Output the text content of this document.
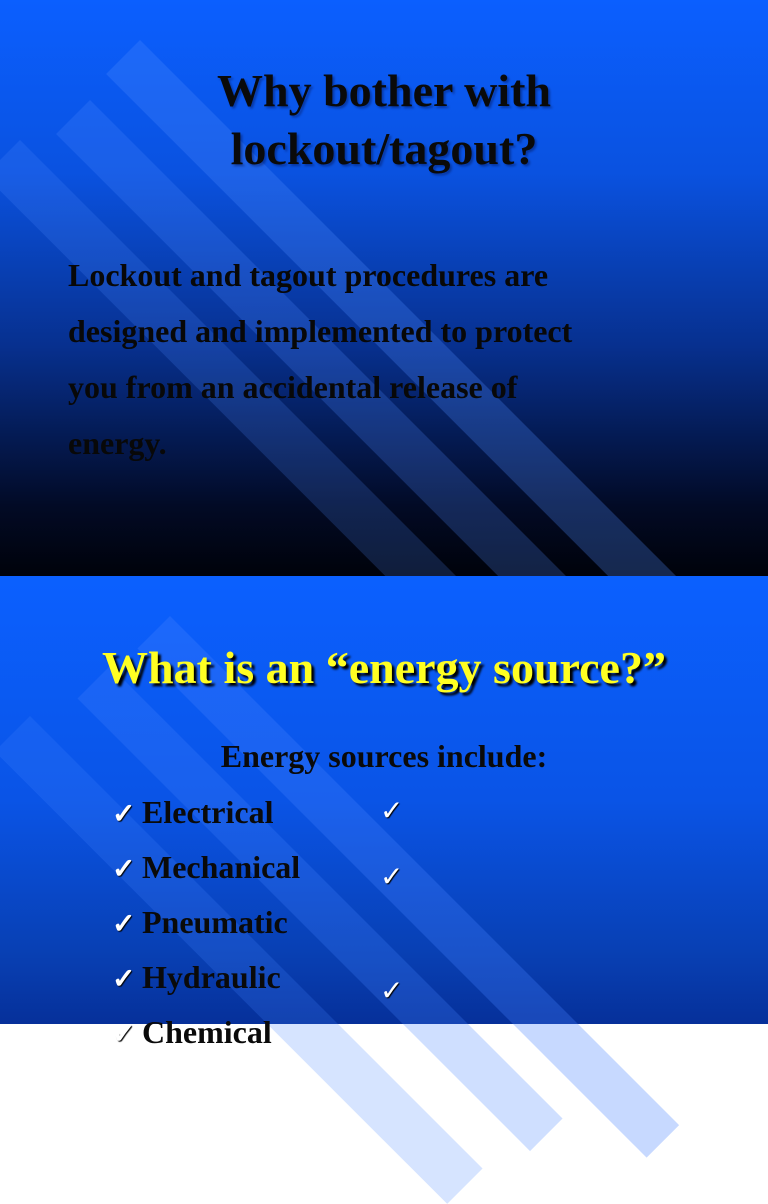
Why bother with
lockout/tagout?
Lockout and tagout procedures are
designed and implemented to protect
you from an accidental release of
energy.
What is an “energy source?”
Energy sources include:
✓ Electrical
✓ Mechanical
✓ Pneumatic
✓ Hydraulic
✓ Chemical
✓
✓
✓
